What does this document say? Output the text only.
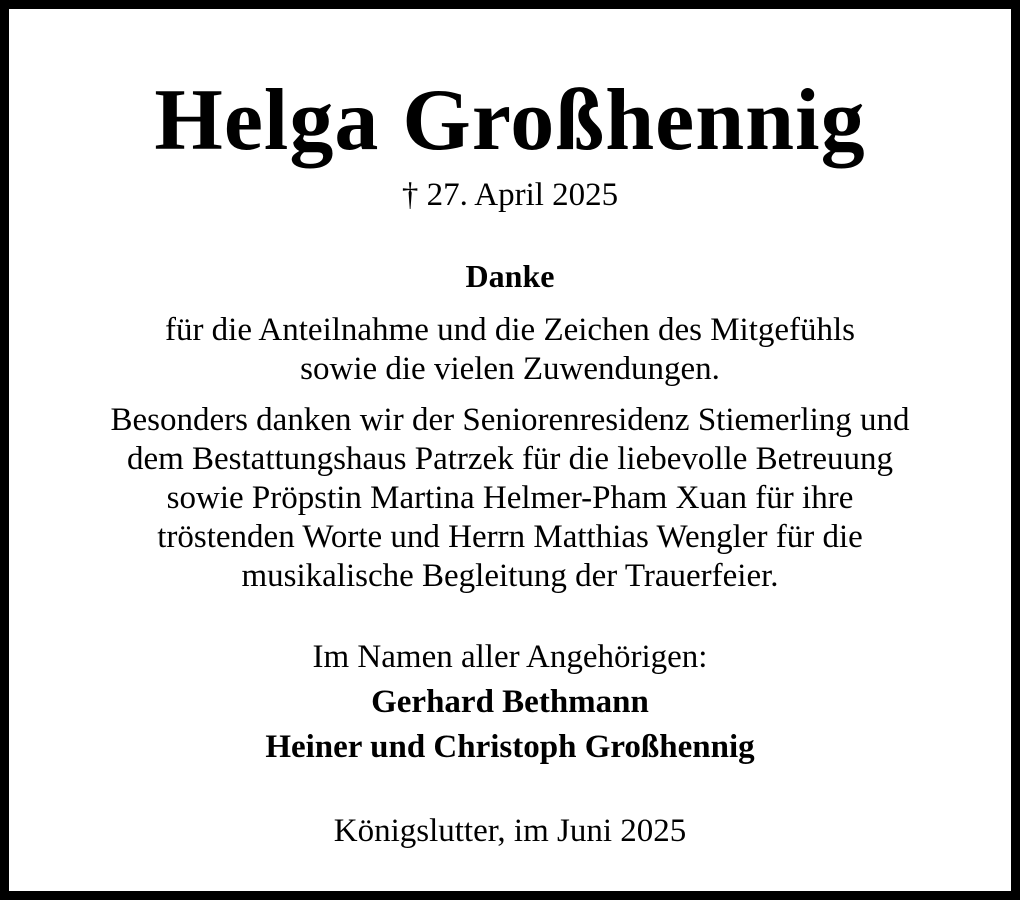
Helga Großhennig
† 27. April 2025
Danke
für die Anteilnahme und die Zeichen des Mitgefühls
sowie die vielen Zuwendungen.
Besonders danken wir der Seniorenresidenz Stiemerling und
dem Bestattungshaus Patrzek für die liebevolle Betreuung
sowie Pröpstin Martina Helmer-Pham Xuan für ihre
tröstenden Worte und Herrn Matthias Wengler für die
musikalische Begleitung der Trauerfeier.
Im Namen aller Angehörigen:
Gerhard Bethmann
Heiner und Christoph Großhennig
Königslutter, im Juni 2025
